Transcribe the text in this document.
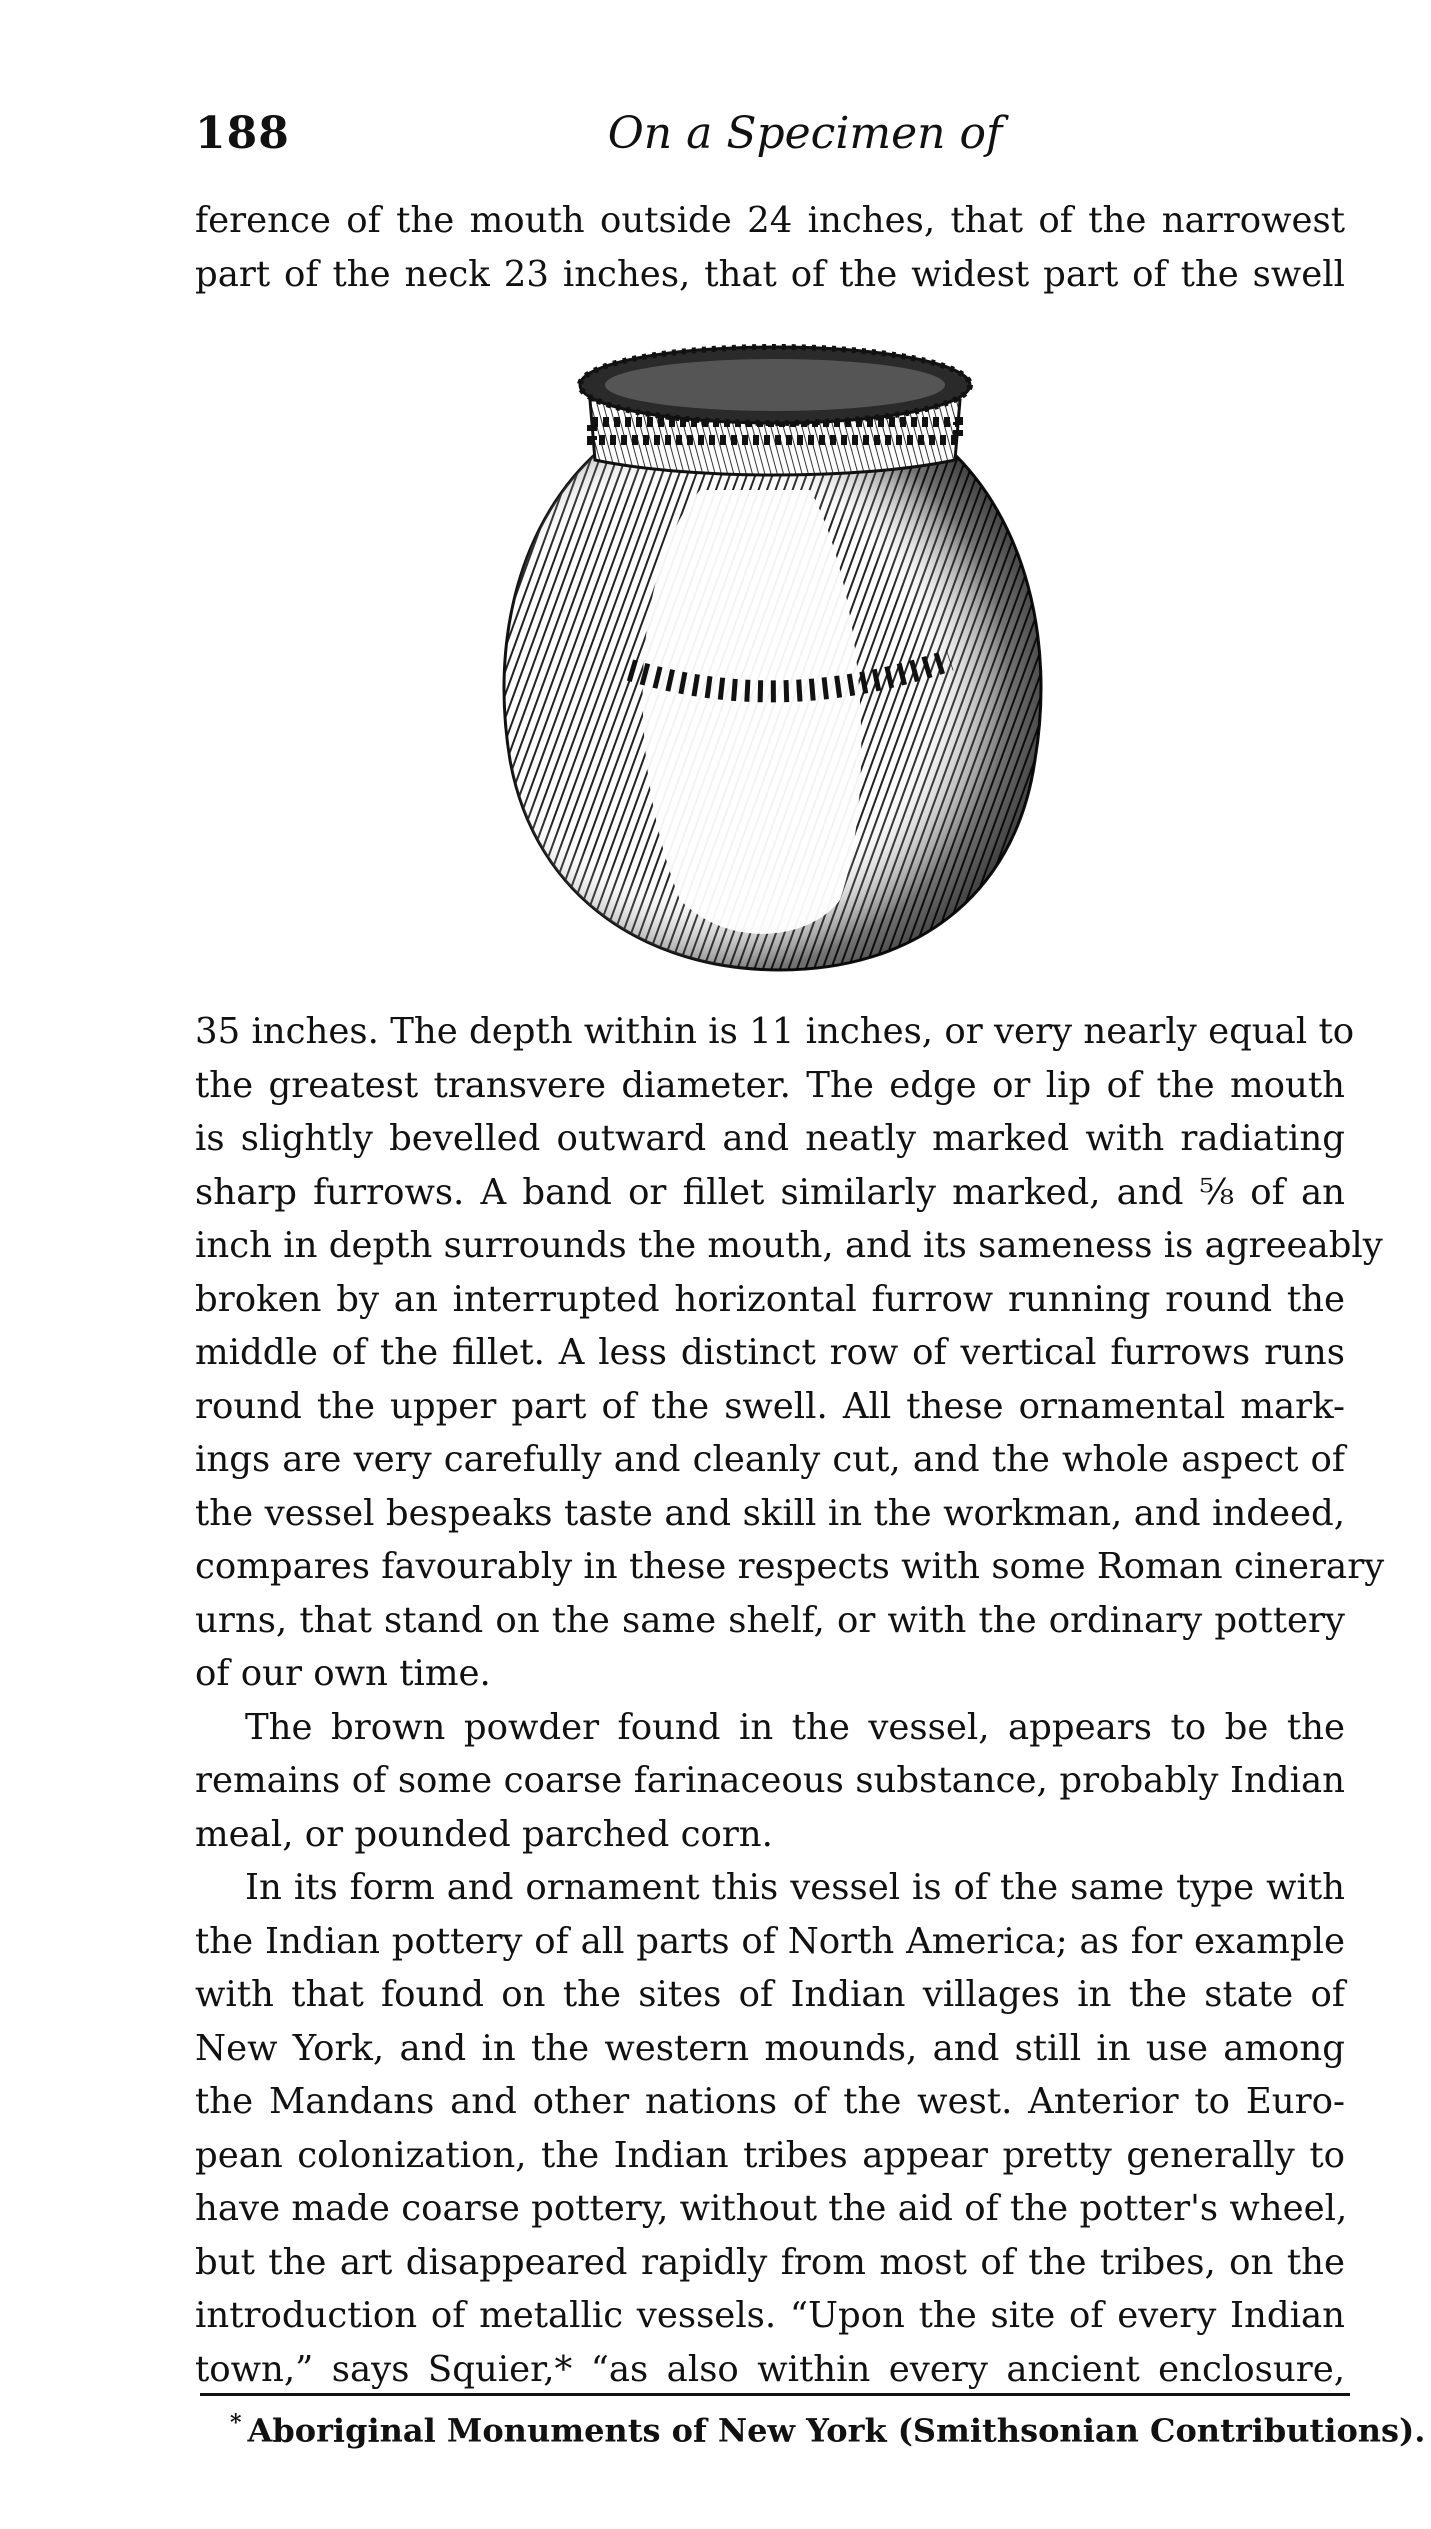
188	On a Specimen of
ference of the mouth outside 24 inches, that of the narrowest
part of the neck 23 inches, that of the widest part of the swell
35 inches. The depth within is 11 inches, or very nearly equal to
the greatest transvere diameter. The edge or lip of the mouth
is slightly bevelled outward and neatly marked with radiating
sharp furrows. A band or fillet similarly marked, and ⅝ of an
inch in depth surrounds the mouth, and its sameness is agreeably
broken by an interrupted horizontal furrow running round the
middle of the fillet. A less distinct row of vertical furrows runs
round the upper part of the swell. All these ornamental mark-
ings are very carefully and cleanly cut, and the whole aspect of
the vessel bespeaks taste and skill in the workman, and indeed,
compares favourably in these respects with some Roman cinerary
urns, that stand on the same shelf, or with the ordinary pottery
of our own time.
The brown powder found in the vessel, appears to be the
remains of some coarse farinaceous substance, probably Indian
meal, or pounded parched corn.
In its form and ornament this vessel is of the same type with
the Indian pottery of all parts of North America; as for example
with that found on the sites of Indian villages in the state of
New York, and in the western mounds, and still in use among
the Mandans and other nations of the west. Anterior to Euro-
pean colonization, the Indian tribes appear pretty generally to
have made coarse pottery, without the aid of the potter's wheel,
but the art disappeared rapidly from most of the tribes, on the
introduction of metallic vessels. “Upon the site of every Indian
town,” says Squier,* “as also within every ancient enclosure,
* Aboriginal Monuments of New York (Smithsonian Contributions).
